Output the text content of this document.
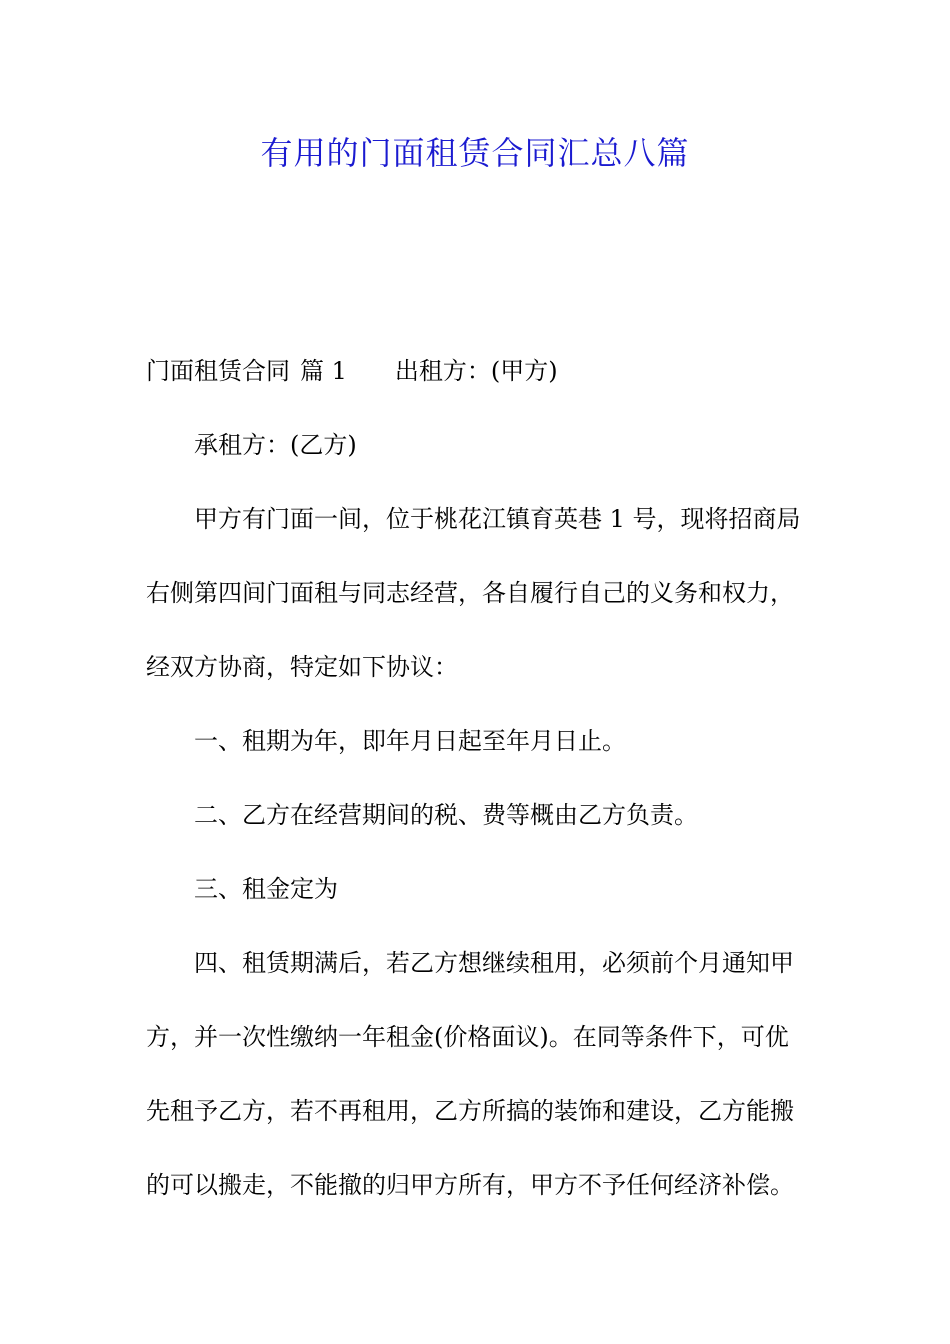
有用的门面租赁合同汇总八篇
门面租赁合同 篇 1 出租方：(甲方)
承租方：(乙方)
甲方有门面一间，位于桃花江镇育英巷 1 号，现将招商局
右侧第四间门面租与同志经营，各自履行自己的义务和权力，
经双方协商，特定如下协议：
一、租期为年，即年月日起至年月日止。
二、乙方在经营期间的税、费等概由乙方负责。
三、租金定为
四、租赁期满后，若乙方想继续租用，必须前个月通知甲
方，并一次性缴纳一年租金(价格面议)。在同等条件下，可优
先租予乙方，若不再租用，乙方所搞的装饰和建设，乙方能搬
的可以搬走，不能撤的归甲方所有，甲方不予任何经济补偿。
